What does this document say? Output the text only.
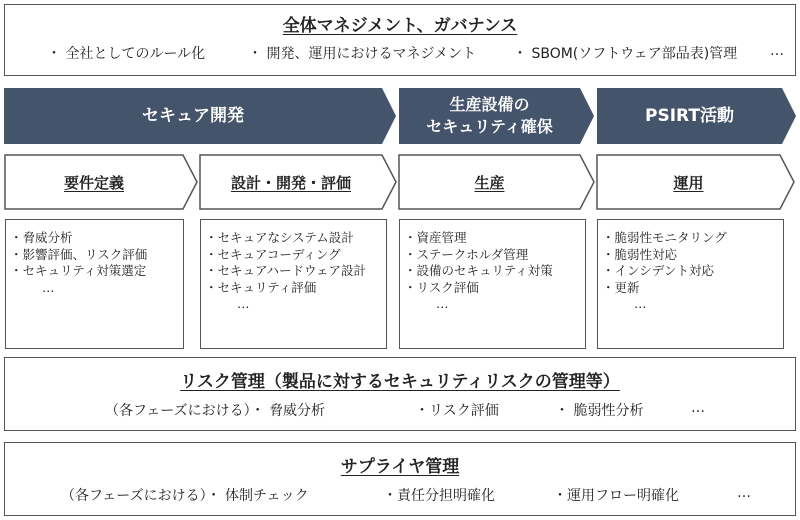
全体マネジメント、ガバナンス
・ 全社としてのルール化	・ 開発、運用におけるマネジメント	・ SBOM(ソフトウェア部品表)管理 …
セキュア開発
生産設備の
セキュリティ確保
PSIRT活動
要件定義	設計・開発・評価	生産	運用
・脅威分析
・影響評価、リスク評価
・セキュリティ対策選定
…
・セキュアなシステム設計
・セキュアコーディング
・セキュアハードウェア設計
・セキュリティ評価
…
・資産管理
・ステークホルダ管理
・設備のセキュリティ対策
・リスク評価
…
・脆弱性モニタリング
・脆弱性対応
・インシデント対応
・更新
…
リスク管理（製品に対するセキュリティリスクの管理等）
（各フェーズにおける）・ 脅威分析	・リスク評価	・ 脆弱性分析	…
サプライヤ管理
（各フェーズにおける）・ 体制チェック	・責任分担明確化	・運用フロー明確化	…
